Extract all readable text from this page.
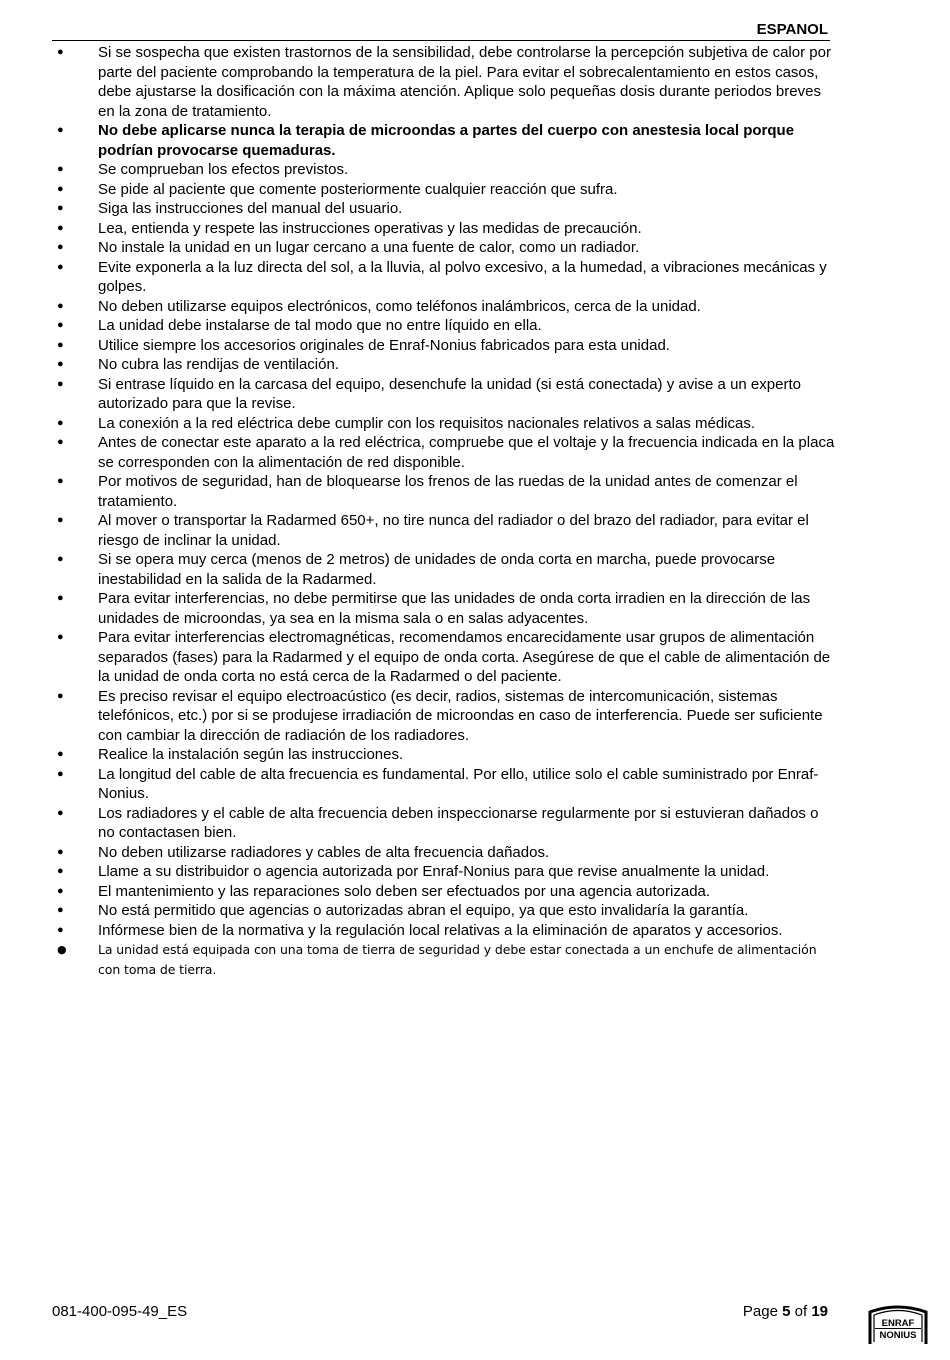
ESPANOL
● Si se sospecha que existen trastornos de la sensibilidad, debe controlarse la percepción subjetiva de calor por parte del paciente comprobando la temperatura de la piel. Para evitar el sobrecalentamiento en estos casos, debe ajustarse la dosificación con la máxima atención. Aplique solo pequeñas dosis durante periodos breves en la zona de tratamiento.
● No debe aplicarse nunca la terapia de microondas a partes del cuerpo con anestesia local porque podrían provocarse quemaduras.
● Se comprueban los efectos previstos.
● Se pide al paciente que comente posteriormente cualquier reacción que sufra.
● Siga las instrucciones del manual del usuario.
● Lea, entienda y respete las instrucciones operativas y las medidas de precaución.
● No instale la unidad en un lugar cercano a una fuente de calor, como un radiador.
● Evite exponerla a la luz directa del sol, a la lluvia, al polvo excesivo, a la humedad, a vibraciones mecánicas y golpes.
● No deben utilizarse equipos electrónicos, como teléfonos inalámbricos, cerca de la unidad.
● La unidad debe instalarse de tal modo que no entre líquido en ella.
● Utilice siempre los accesorios originales de Enraf-Nonius fabricados para esta unidad.
● No cubra las rendijas de ventilación.
● Si entrase líquido en la carcasa del equipo, desenchufe la unidad (si está conectada) y avise a un experto autorizado para que la revise.
● La conexión a la red eléctrica debe cumplir con los requisitos nacionales relativos a salas médicas.
● Antes de conectar este aparato a la red eléctrica, compruebe que el voltaje y la frecuencia indicada en la placa se corresponden con la alimentación de red disponible.
● Por motivos de seguridad, han de bloquearse los frenos de las ruedas de la unidad antes de comenzar el tratamiento.
● Al mover o transportar la Radarmed 650+, no tire nunca del radiador o del brazo del radiador, para evitar el riesgo de inclinar la unidad.
● Si se opera muy cerca (menos de 2 metros) de unidades de onda corta en marcha, puede provocarse inestabilidad en la salida de la Radarmed.
● Para evitar interferencias, no debe permitirse que las unidades de onda corta irradien en la dirección de las unidades de microondas, ya sea en la misma sala o en salas adyacentes.
● Para evitar interferencias electromagnéticas, recomendamos encarecidamente usar grupos de alimentación separados (fases) para la Radarmed y el equipo de onda corta. Asegúrese de que el cable de alimentación de la unidad de onda corta no está cerca de la Radarmed o del paciente.
● Es preciso revisar el equipo electroacústico (es decir, radios, sistemas de intercomunicación, sistemas telefónicos, etc.) por si se produjese irradiación de microondas en caso de interferencia. Puede ser suficiente con cambiar la dirección de radiación de los radiadores.
● Realice la instalación según las instrucciones.
● La longitud del cable de alta frecuencia es fundamental. Por ello, utilice solo el cable suministrado por Enraf-Nonius.
● Los radiadores y el cable de alta frecuencia deben inspeccionarse regularmente por si estuvieran dañados o no contactasen bien.
● No deben utilizarse radiadores y cables de alta frecuencia dañados.
● Llame a su distribuidor o agencia autorizada por Enraf-Nonius para que revise anualmente la unidad.
● El mantenimiento y las reparaciones solo deben ser efectuados por una agencia autorizada.
● No está permitido que agencias o autorizadas abran el equipo, ya que esto invalidaría la garantía.
● Infórmese bien de la normativa y la regulación local relativas a la eliminación de aparatos y accesorios.
●	La unidad está equipada con una toma de tierra de seguridad y debe estar conectada a un enchufe de alimentación con toma de tierra.
081-400-095-49_ES	Page 5 of 19
ENRAF
NONIUS
